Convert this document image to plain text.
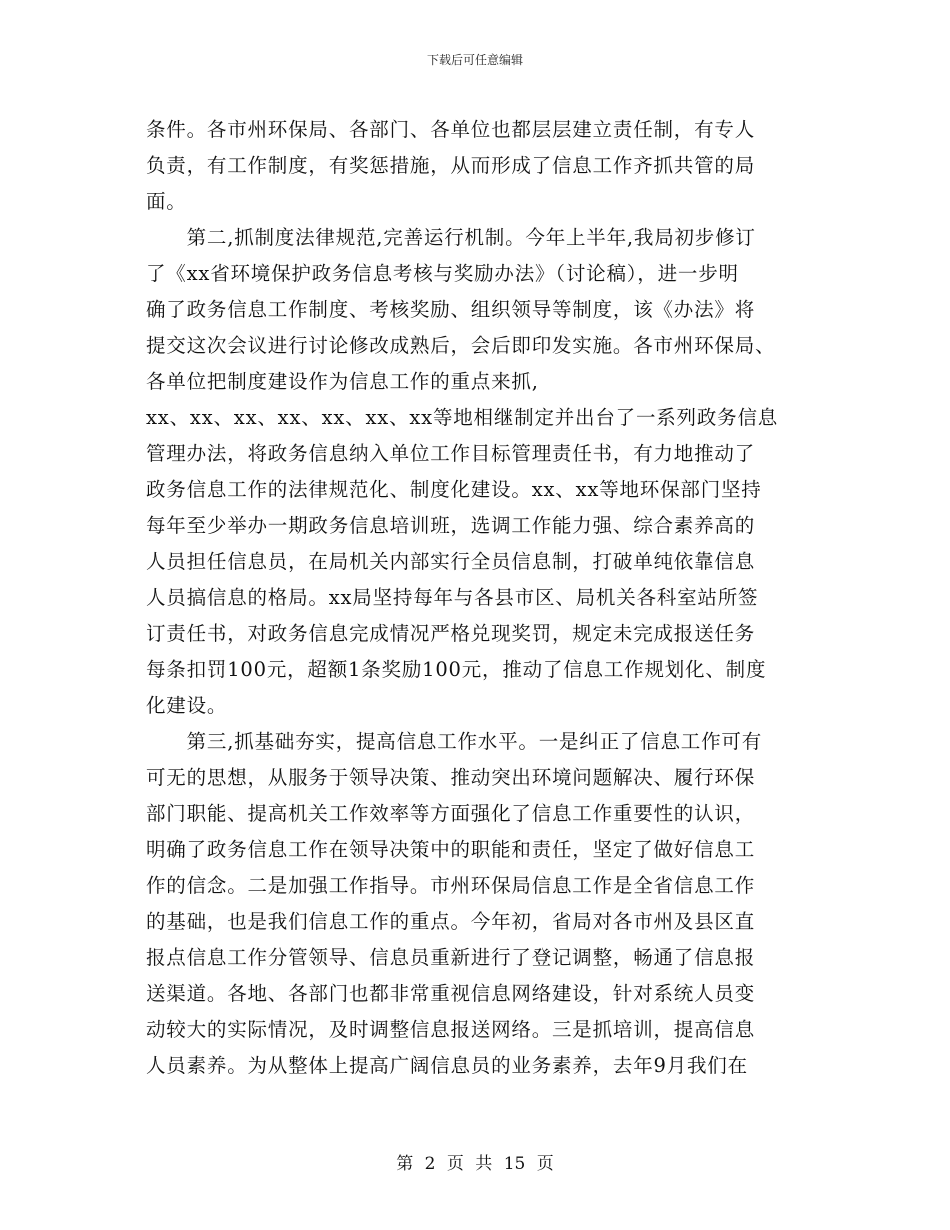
下载后可任意编辑
条件。各市州环保局、各部门、各单位也都层层建立责任制，有专人
负责，有工作制度，有奖惩措施，从而形成了信息工作齐抓共管的局
面。
　　第二,抓制度法律规范,完善运行机制。今年上半年,我局初步修订
了《xx省环境保护政务信息考核与奖励办法》（讨论稿），进一步明
确了政务信息工作制度、考核奖励、组织领导等制度，该《办法》将
提交这次会议进行讨论修改成熟后，会后即印发实施。各市州环保局、
各单位把制度建设作为信息工作的重点来抓,
xx、xx、xx、xx、xx、xx、xx等地相继制定并出台了一系列政务信息
管理办法，将政务信息纳入单位工作目标管理责任书，有力地推动了
政务信息工作的法律规范化、制度化建设。xx、xx等地环保部门坚持
每年至少举办一期政务信息培训班，选调工作能力强、综合素养高的
人员担任信息员，在局机关内部实行全员信息制，打破单纯依靠信息
人员搞信息的格局。xx局坚持每年与各县市区、局机关各科室站所签
订责任书，对政务信息完成情况严格兑现奖罚，规定未完成报送任务
每条扣罚100元，超额1条奖励100元，推动了信息工作规划化、制度
化建设。
　　第三,抓基础夯实，提高信息工作水平。一是纠正了信息工作可有
可无的思想，从服务于领导决策、推动突出环境问题解决、履行环保
部门职能、提高机关工作效率等方面强化了信息工作重要性的认识，
明确了政务信息工作在领导决策中的职能和责任，坚定了做好信息工
作的信念。二是加强工作指导。市州环保局信息工作是全省信息工作
的基础，也是我们信息工作的重点。今年初，省局对各市州及县区直
报点信息工作分管领导、信息员重新进行了登记调整，畅通了信息报
送渠道。各地、各部门也都非常重视信息网络建设，针对系统人员变
动较大的实际情况，及时调整信息报送网络。三是抓培训，提高信息
人员素养。为从整体上提高广阔信息员的业务素养，去年9月我们在
第 2 页 共 15 页
